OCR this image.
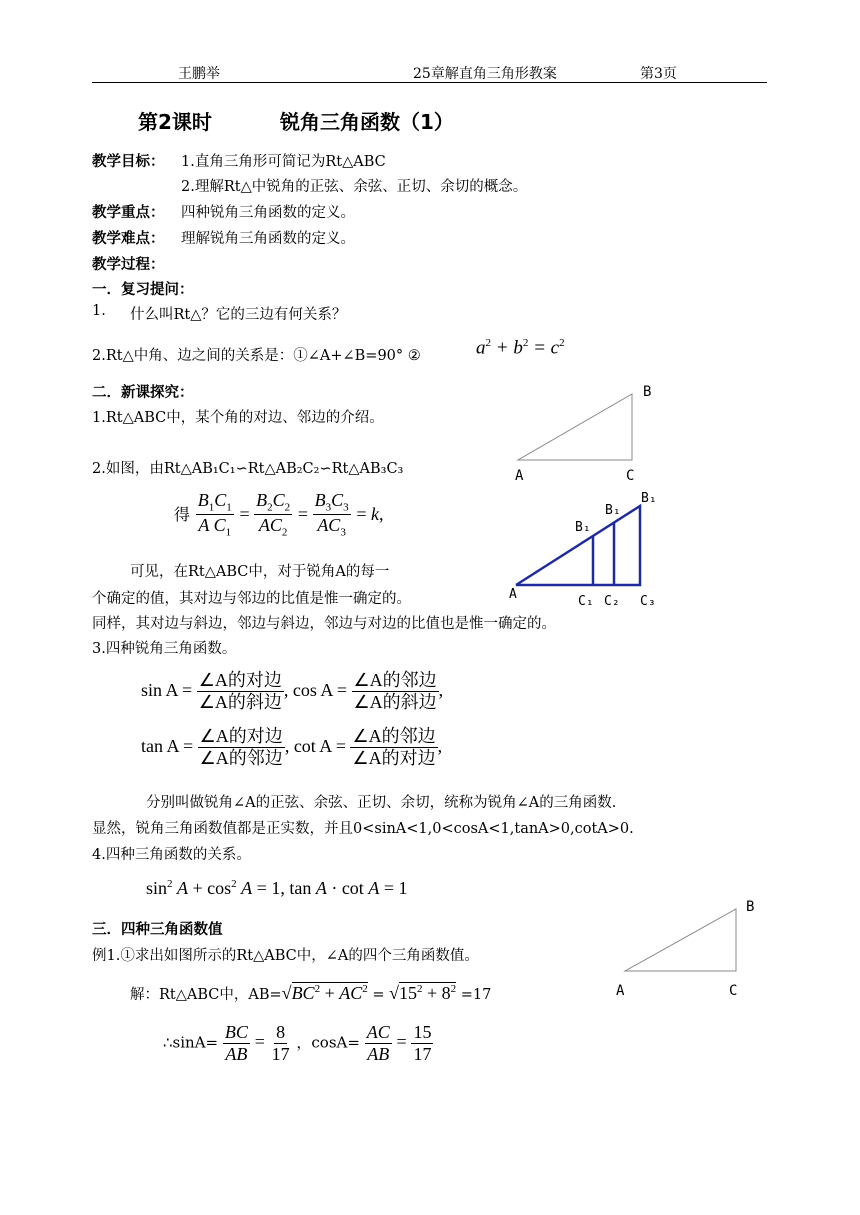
王鹏举	25章解直角三角形教案	第3页
第2课时	锐角三角函数（1）
教学目标： 1.直角三角形可简记为Rt△ABC
2.理解Rt△中锐角的正弦、余弦、正切、余切的概念。
教学重点： 四种锐角三角函数的定义。
教学难点： 理解锐角三角函数的定义。
教学过程：
一．复习提问：
1. 什么叫Rt△？它的三边有何关系？
2.Rt△中角、边之间的关系是：①∠A+∠B=90° ②	$a^2 + b^2 = c^2$
二．新课探究：
1.Rt△ABC中，某个角的对边、邻边的介绍。
2.如图，由Rt△AB₁C₁∽Rt△AB₂C₂∽Rt△AB₃C₃
得 $\frac{B_1C_1}{A C_1} = \frac{B_2C_2}{AC_2} = \frac{B_3C_3}{AC_3} = k$,
可见，在Rt△ABC中，对于锐角A的每一
个确定的值，其对边与邻边的比值是惟一确定的。
同样，其对边与斜边，邻边与斜边，邻边与对边的比值也是惟一确定的。
3.四种锐角三角函数。
$\sin A = \frac{\text{∠A的对边}}{\text{∠A的斜边}}$ , $\cos A = \frac{\text{∠A的邻边}}{\text{∠A的斜边}}$ ,
$\tan A = \frac{\text{∠A的对边}}{\text{∠A的邻边}}$ , $\cot A = \frac{\text{∠A的邻边}}{\text{∠A的对边}}$ ,
分别叫做锐角∠A的正弦、余弦、正切、余切，统称为锐角∠A的三角函数.
显然，锐角三角函数值都是正实数，并且0<sinA<1,0<cosA<1,tanA>0,cotA>0.
4.四种三角函数的关系。
$\sin^2 A + \cos^2 A = 1$, tan A · cot A = 1
三．四种三角函数值
例1.①求出如图所示的Rt△ABC中，∠A的四个三角函数值。
解：Rt△ABC中，$AB=√BC^2 + AC^2 = √15^2 + 8^2 =17$
∴sinA= $\frac{BC}{AB} = \frac{8}{17}$ ，$\cos A= \frac{AC}{AB} = \frac{15}{17}$
B
A	C
A
B₁
B₁
B₁
C₁ C₂ C₃
B
A	C
